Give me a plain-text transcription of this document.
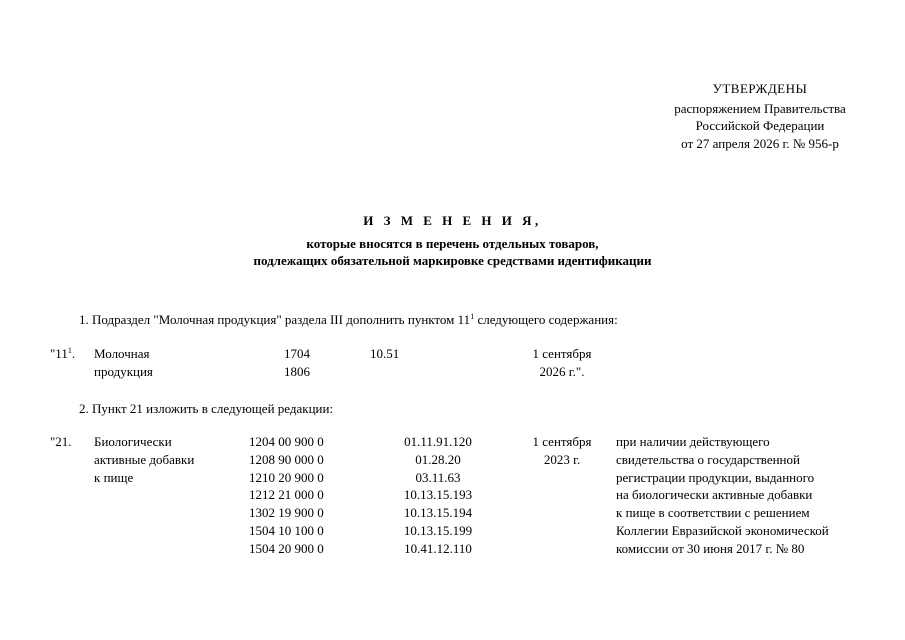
УТВЕРЖДЕНЫ
распоряжением Правительства
Российской Федерации
от 27 апреля 2026 г. № 956-р
И З М Е Н Е Н И Я,
которые вносятся в перечень отдельных товаров,
подлежащих обязательной маркировке средствами идентификации
1. Подраздел "Молочная продукция" раздела III дополнить пунктом $11^1$ следующего содержания:
"$11^1$. Молочная
продукция
1704
1806
10.51	1 сентября
2026 г.".
2. Пункт 21 изложить в следующей редакции:
"21. Биологически
активные добавки
к пище
1204 00 900 0
1208 90 000 0
1210 20 900 0
1212 21 000 0
1302 19 900 0
1504 10 100 0
1504 20 900 0
01.11.91.120
01.28.20
03.11.63
10.13.15.193
10.13.15.194
10.13.15.199
10.41.12.110
1 сентября
2023 г.
при наличии действующего
свидетельства о государственной
регистрации продукции, выданного
на биологически активные добавки
к пище в соответствии с решением
Коллегии Евразийской экономической
комиссии от 30 июня 2017 г. № 80
